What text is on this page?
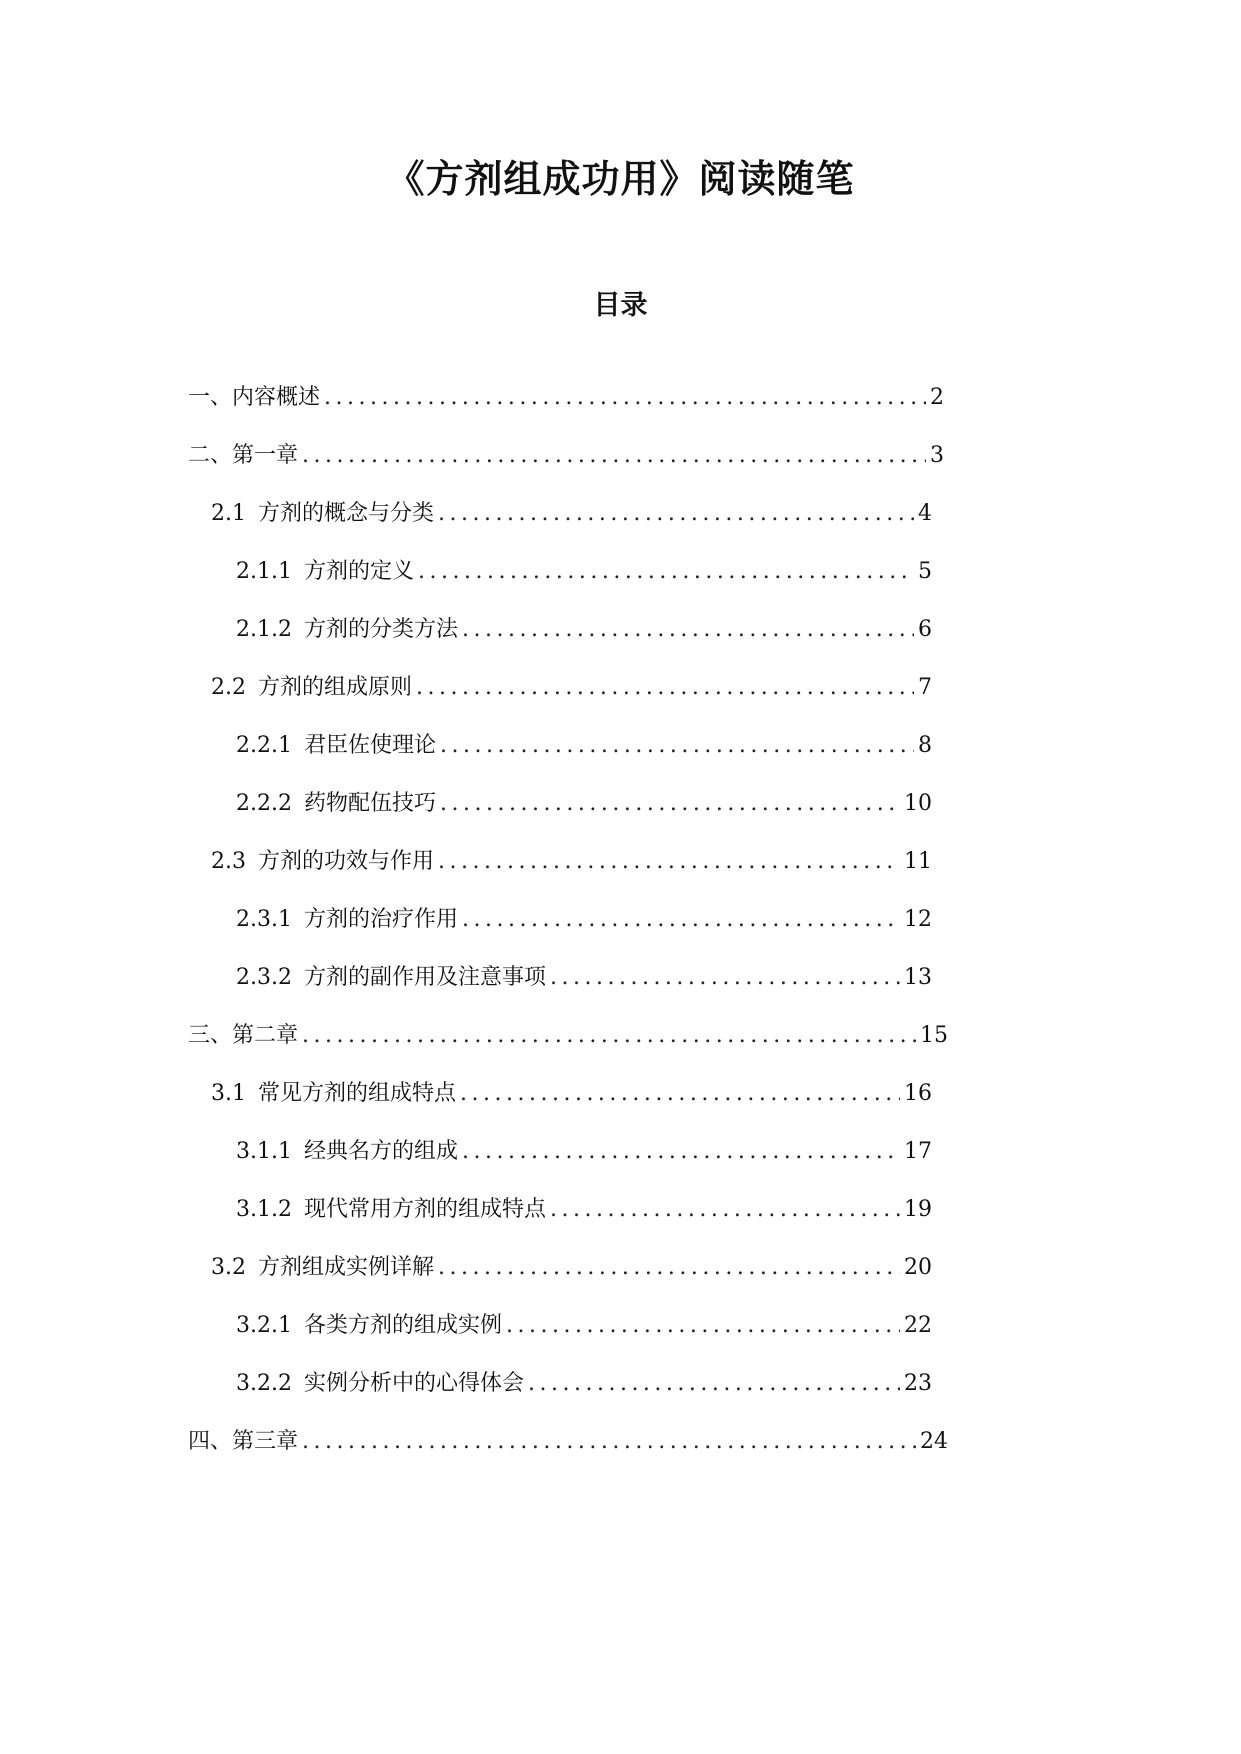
《方剂组成功用》阅读随笔
目录
一、内容概述 .....	2
二、第一章 .....	3
2.1 方剂的概念与分类 .....	4
2.1.1 方剂的定义 .....	5
2.1.2 方剂的分类方法 .....	6
2.2 方剂的组成原则 .....	7
2.2.1 君臣佐使理论 .....	8
2.2.2 药物配伍技巧 .....	10
2.3 方剂的功效与作用 .....	11
2.3.1 方剂的治疗作用 .....	12
2.3.2 方剂的副作用及注意事项 .....	13
三、第二章 .....	15
3.1 常见方剂的组成特点 .....	16
3.1.1 经典名方的组成 .....	17
3.1.2 现代常用方剂的组成特点 .....	19
3.2 方剂组成实例详解 .....	20
3.2.1 各类方剂的组成实例 .....	22
3.2.2 实例分析中的心得体会 .....	23
四、第三章 .....	24
